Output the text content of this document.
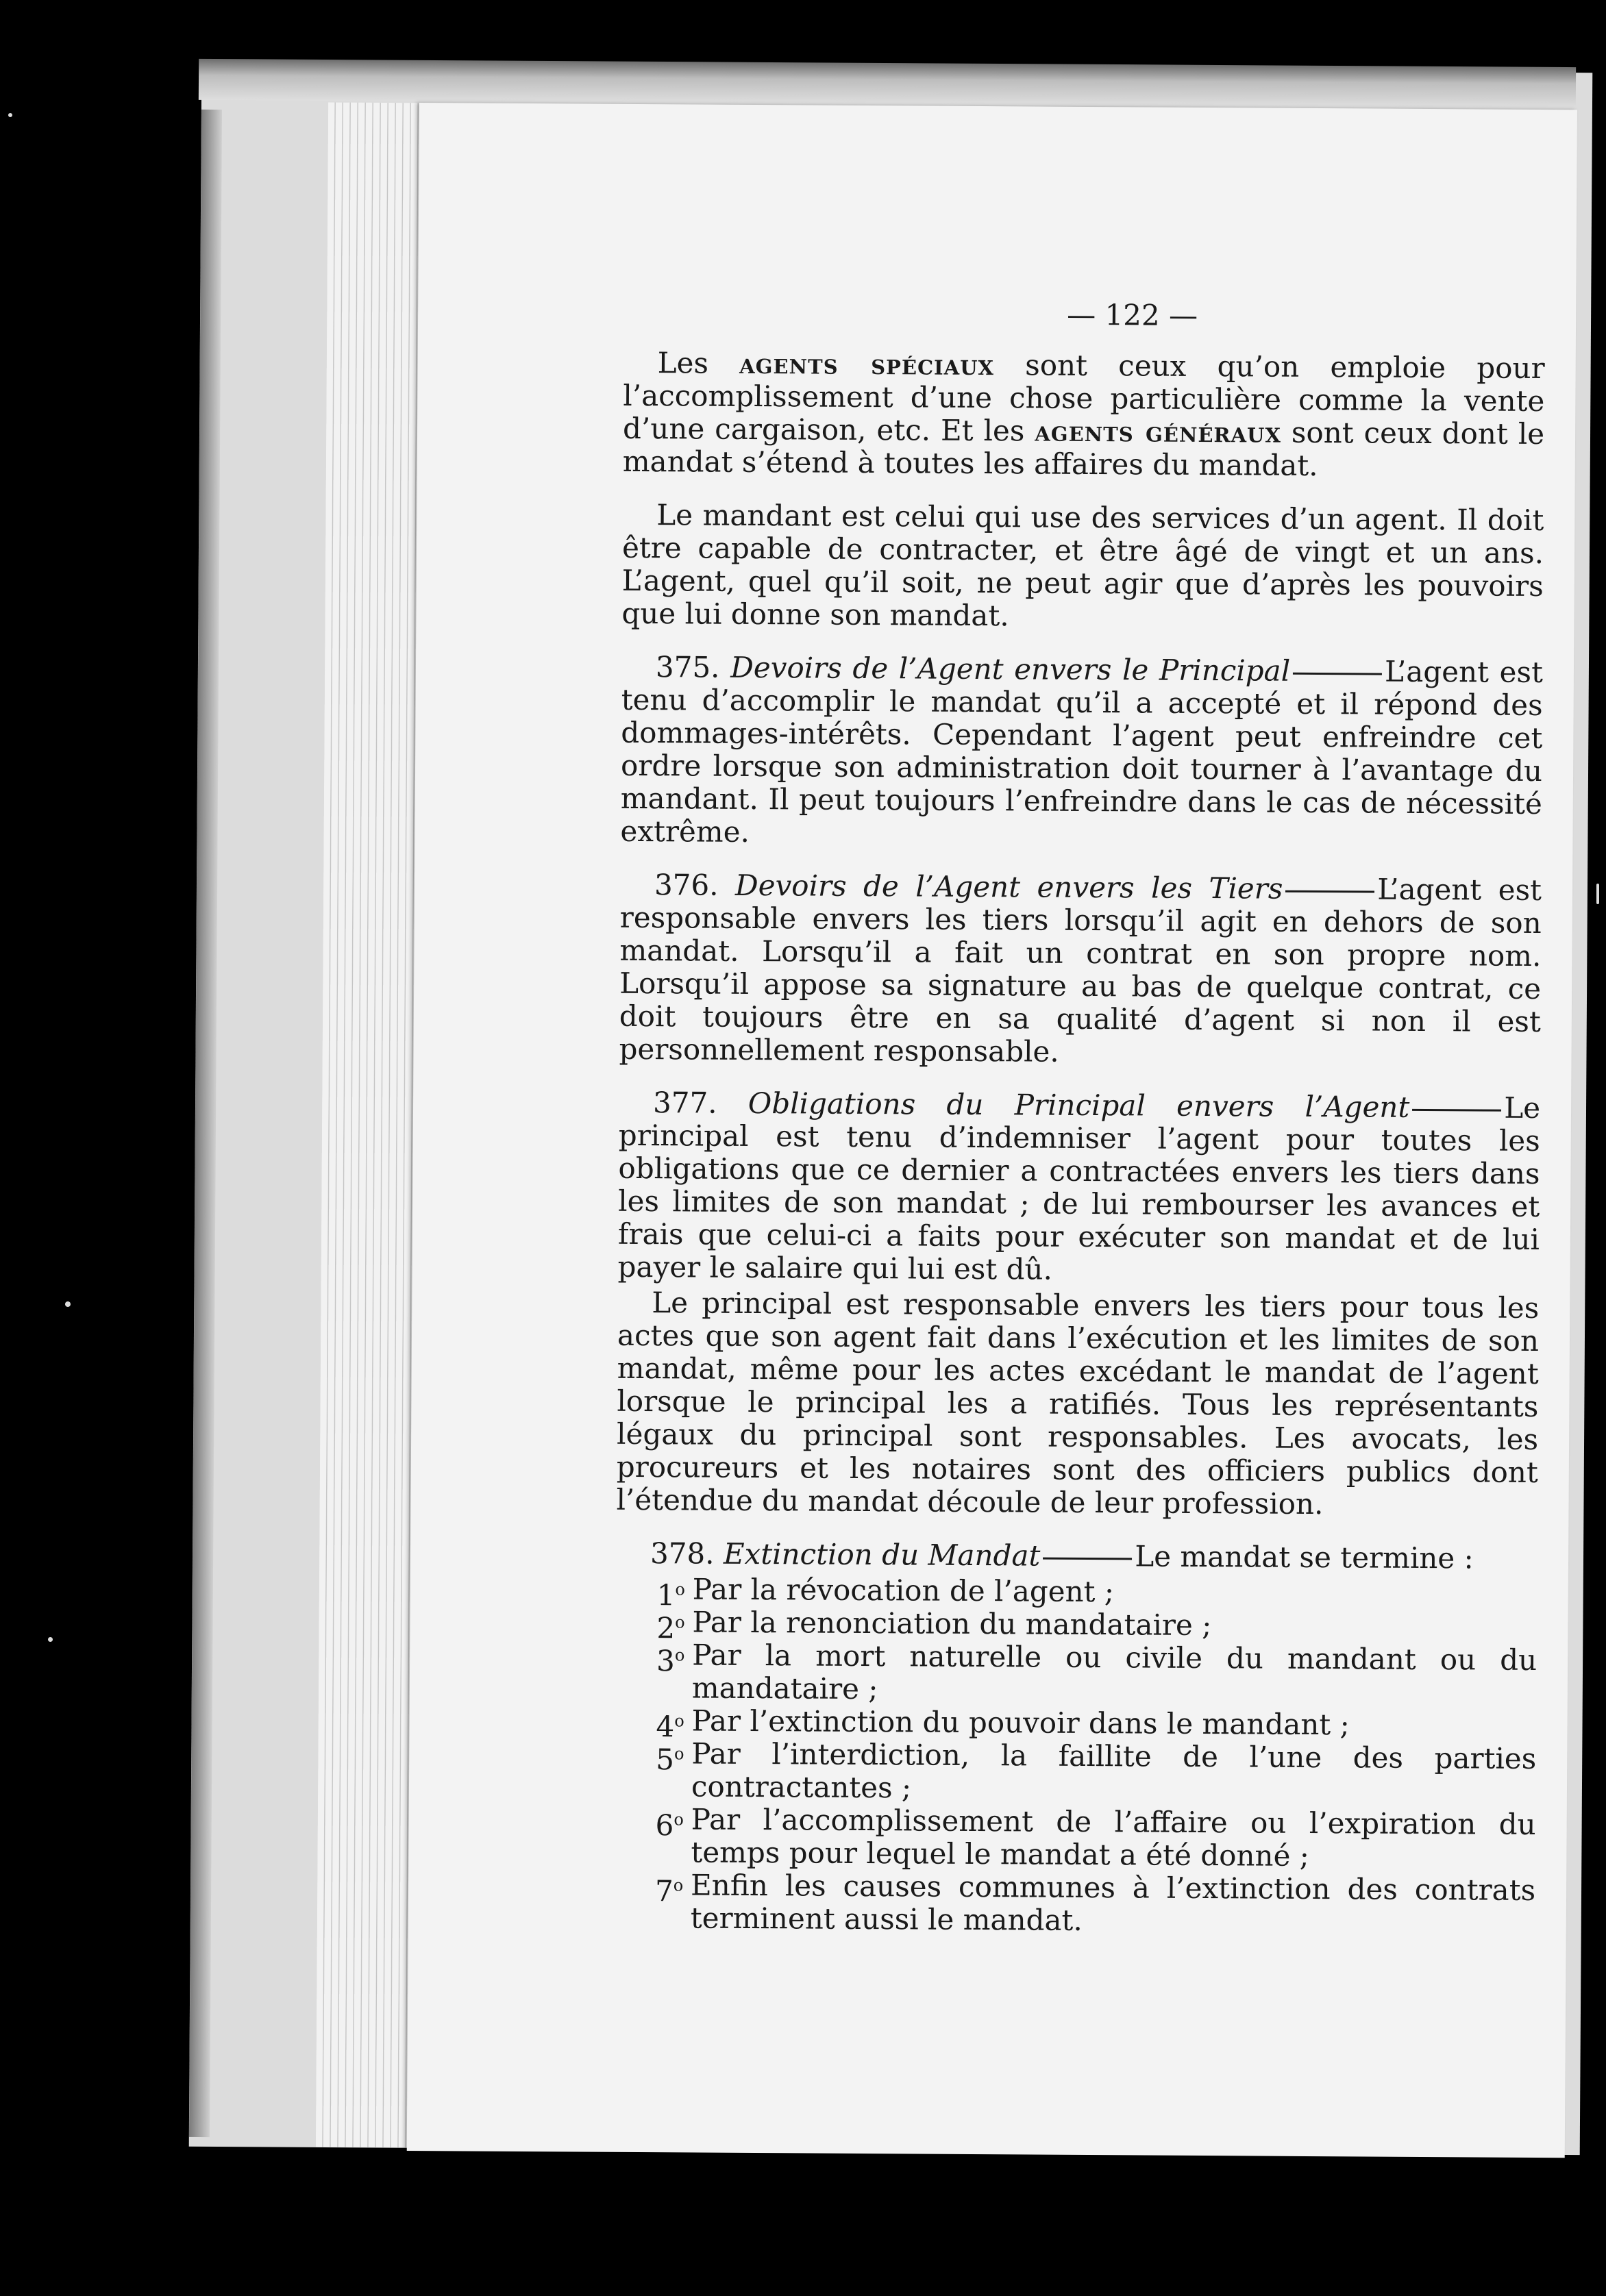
— 122 —

Les agents spéciaux sont ceux qu’on emploie pour l’accomplissement d’une chose particulière comme la vente d’une cargaison, etc. Et les agents généraux sont ceux dont le mandat s’étend à toutes les affaires du mandat.

Le mandant est celui qui use des services d’un agent. Il doit être capable de contracter, et être âgé de vingt et un ans. L’agent, quel qu’il soit, ne peut agir que d’après les pouvoirs que lui donne son mandat.

375. Devoirs de l’Agent envers le Principal	L’agent est tenu d’accomplir le mandat qu’il a accepté et il répond des dommages-intérêts. Cependant l’agent peut enfreindre cet ordre lorsque son administration doit tourner à l’avantage du mandant. Il peut toujours l’enfreindre dans le cas de nécessité extrême.

376. Devoirs de l’Agent envers les Tiers	L’agent est responsable envers les tiers lorsqu’il agit en dehors de son mandat. Lorsqu’il a fait un contrat en son propre nom. Lorsqu’il appose sa signature au bas de quelque contrat, ce doit toujours être en sa qualité d’agent si non il est personnellement responsable.

377. Obligations du Principal envers l’Agent	Le principal est tenu d’indemniser l’agent pour toutes les obligations que ce dernier a contractées envers les tiers dans les limites de son mandat ; de lui rembourser les avances et frais que celui-ci a faits pour exécuter son mandat et de lui payer le salaire qui lui est dû.

Le principal est responsable envers les tiers pour tous les actes que son agent fait dans l’exécution et les limites de son mandat, même pour les actes excédant le mandat de l’agent lorsque le principal les a ratifiés. Tous les représentants légaux du principal sont responsables. Les avocats, les procureurs et les notaires sont des officiers publics dont l’étendue du mandat découle de leur profession.

378. Extinction du Mandat	Le mandat se termine :

1$^o$ Par la révocation de l’agent ;
2$^o$ Par la renonciation du mandataire ;
3$^o$ Par la mort naturelle ou civile du mandant ou du mandataire ;
4$^o$ Par l’extinction du pouvoir dans le mandant ;
5$^o$ Par l’interdiction, la faillite de l’une des parties contractantes ;
6$^o$ Par l’accomplissement de l’affaire ou l’expiration du temps pour lequel le mandat a été donné ;
7$^o$ Enfin les causes communes à l’extinction des contrats terminent aussi le mandat.
